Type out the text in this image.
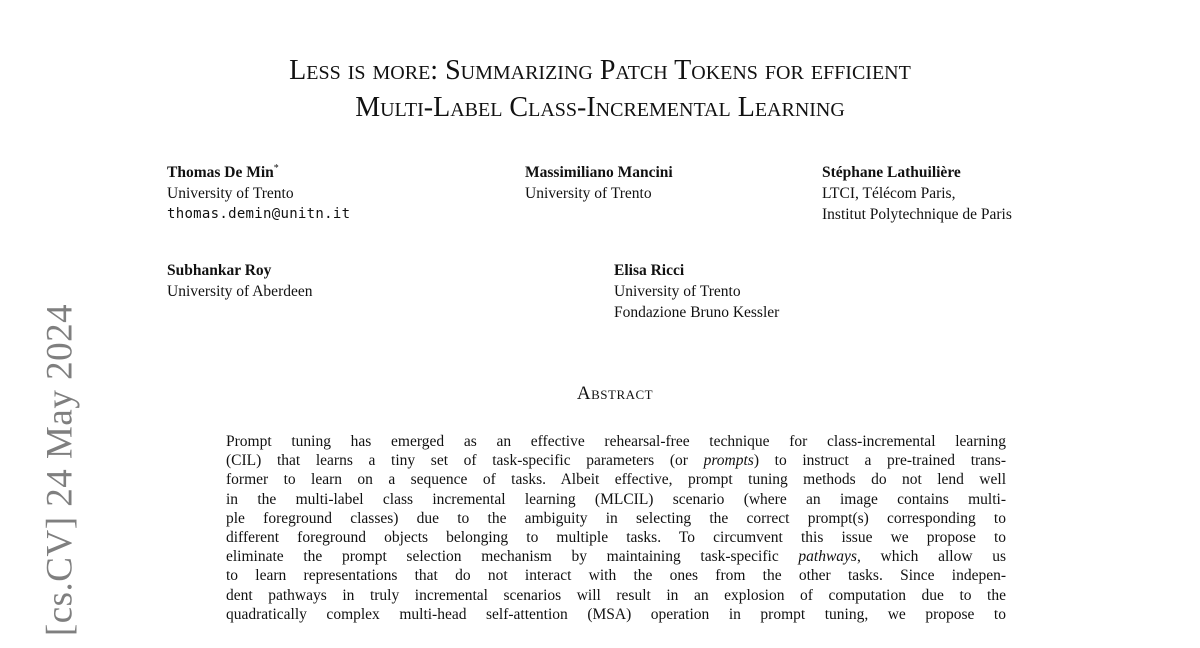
[cs.CV] 24 May 2024
Less is more: Summarizing Patch Tokens for efficient
Multi-Label Class-Incremental Learning
Thomas De Min*
University of Trento
thomas.demin@unitn.it
Massimiliano Mancini
University of Trento
Stéphane Lathuilière
LTCI, Télécom Paris,
Institut Polytechnique de Paris
Subhankar Roy
University of Aberdeen
Elisa Ricci
University of Trento
Fondazione Bruno Kessler
Abstract
Prompt tuning has emerged as an effective rehearsal-free technique for class-incremental learning
(CIL) that learns a tiny set of task-specific parameters (or prompts) to instruct a pre-trained trans-
former to learn on a sequence of tasks. Albeit effective, prompt tuning methods do not lend well
in the multi-label class incremental learning (MLCIL) scenario (where an image contains multi-
ple foreground classes) due to the ambiguity in selecting the correct prompt(s) corresponding to
different foreground objects belonging to multiple tasks. To circumvent this issue we propose to
eliminate the prompt selection mechanism by maintaining task-specific pathways, which allow us
to learn representations that do not interact with the ones from the other tasks. Since indepen-
dent pathways in truly incremental scenarios will result in an explosion of computation due to the
quadratically complex multi-head self-attention (MSA) operation in prompt tuning, we propose to
